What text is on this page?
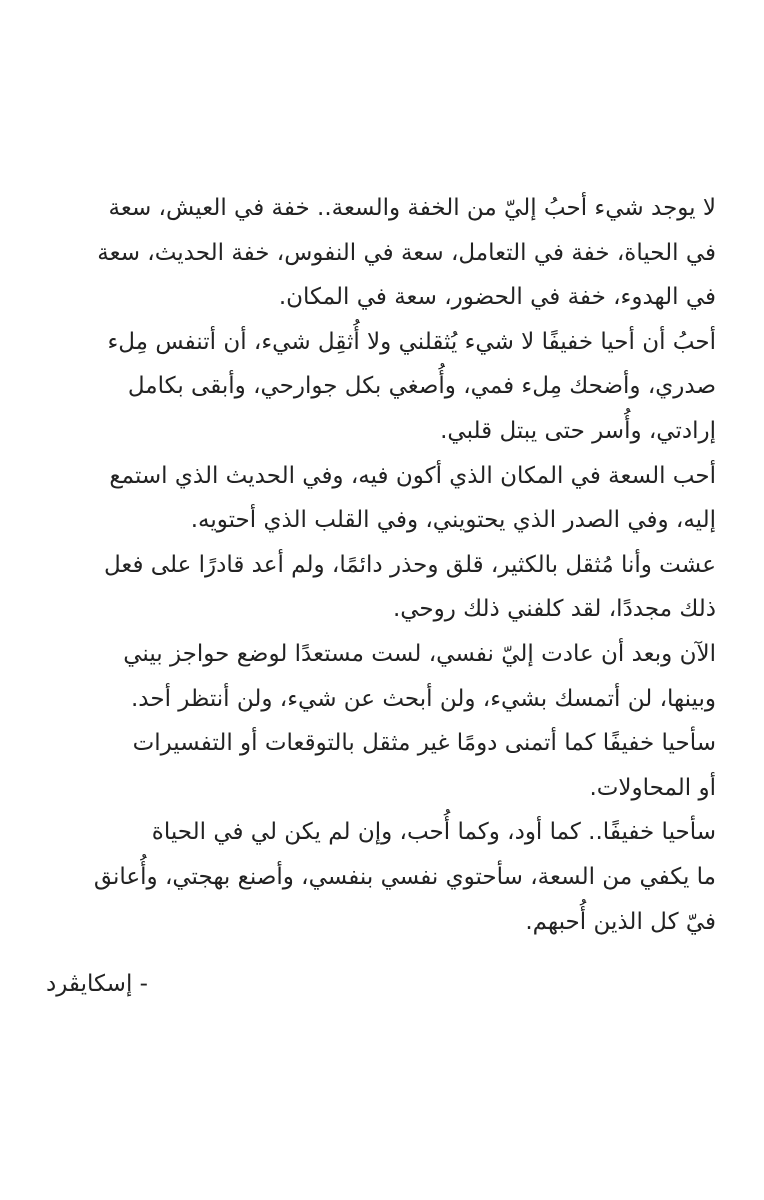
لا يوجد شيء أحبُ إليّ من الخفة والسعة.. خفة في العيش، سعة
في الحياة، خفة في التعامل، سعة في النفوس، خفة الحديث، سعة
في الهدوء، خفة في الحضور، سعة في المكان.
أحبُ أن أحيا خفيفًا لا شيء يُثقلني ولا أُثقِل شيء، أن أتنفس مِلء
صدري، وأضحك مِلء فمي، وأُصغي بكل جوارحي، وأبقى بكامل
إرادتي، وأُسر حتى يبتل قلبي.
أحب السعة في المكان الذي أكون فيه، وفي الحديث الذي استمع
إليه، وفي الصدر الذي يحتويني، وفي القلب الذي أحتويه.
عشت وأنا مُثقل بالكثير، قلق وحذر دائمًا، ولم أعد قادرًا على فعل
ذلك مجددًا، لقد كلفني ذلك روحي.
الآن وبعد أن عادت إليّ نفسي، لست مستعدًا لوضع حواجز بيني
وبينها، لن أتمسك بشيء، ولن أبحث عن شيء، ولن أنتظر أحد.
سأحيا خفيفًا كما أتمنى دومًا غير مثقل بالتوقعات أو التفسيرات
أو المحاولات.
سأحيا خفيفًا.. كما أود، وكما أُحب، وإن لم يكن لي في الحياة
ما يكفي من السعة، سأحتوي نفسي بنفسي، وأصنع بهجتي، وأُعانق
فيّ كل الذين أُحبهم.
- إسكايڤرد
